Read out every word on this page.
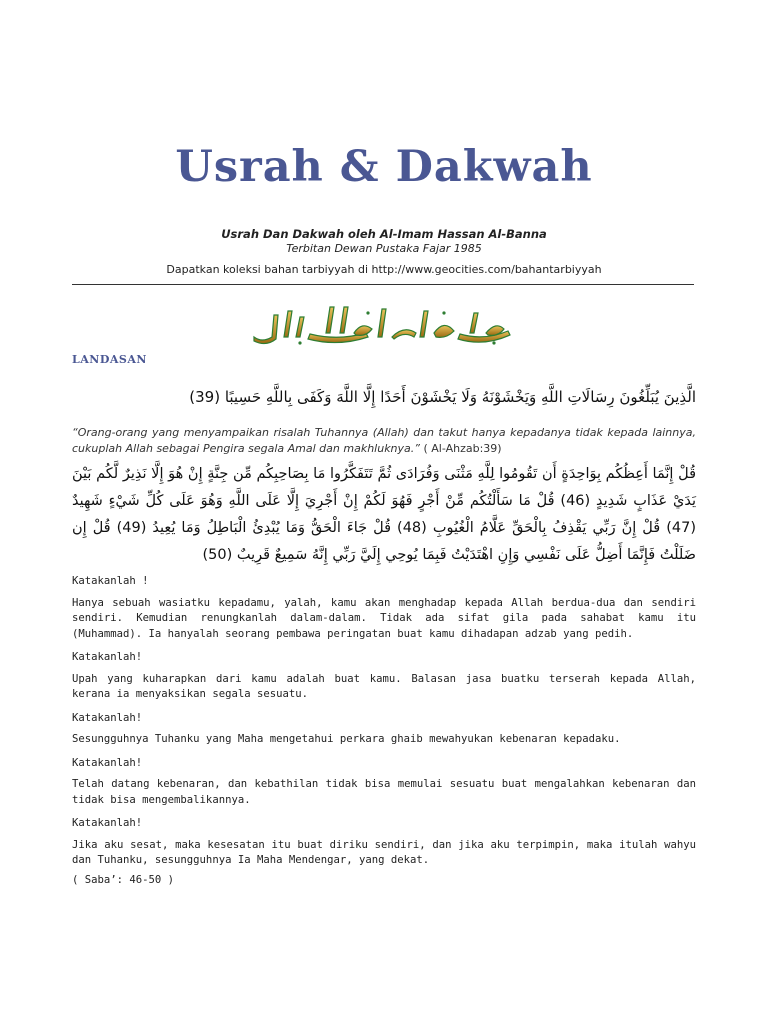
Usrah & Dakwah
Usrah Dan Dakwah oleh Al-Imam Hassan Al-Banna
Terbitan Dewan Pustaka Fajar 1985
Dapatkan koleksi bahan tarbiyyah di http://www.geocities.com/bahantarbiyyah
LANDASAN
الَّذِينَ يُبَلِّغُونَ رِسَالَاتِ اللَّهِ وَيَخْشَوْنَهُ وَلَا يَخْشَوْنَ أَحَدًا إِلَّا اللَّهَ وَكَفَى بِاللَّهِ حَسِيبًا (39)
“Orang-orang yang menyampaikan risalah Tuhannya (Allah) dan takut hanya kepadanya tidak kepada lainnya, cukuplah Allah sebagai Pengira segala Amal dan makhluknya.” ( Al-Ahzab:39)
قُلْ إِنَّمَا أَعِظُكُم بِوَاحِدَةٍ أَن تَقُومُوا لِلَّهِ مَثْنَى وَفُرَادَى ثُمَّ تَتَفَكَّرُوا مَا بِصَاحِبِكُم مِّن جِنَّةٍ إِنْ هُوَ إِلَّا نَذِيرٌ لَّكُم بَيْنَ يَدَيْ عَذَابٍ شَدِيدٍ (46) قُلْ مَا سَأَلْتُكُم مِّنْ أَجْرٍ فَهُوَ لَكُمْ إِنْ أَجْرِيَ إِلَّا عَلَى اللَّهِ وَهُوَ عَلَى كُلِّ شَيْءٍ شَهِيدٌ (47) قُلْ إِنَّ رَبِّي يَقْذِفُ بِالْحَقِّ عَلَّامُ الْغُيُوبِ (48) قُلْ جَاءَ الْحَقُّ وَمَا يُبْدِئُ الْبَاطِلُ وَمَا يُعِيدُ (49) قُلْ إِن ضَلَلْتُ فَإِنَّمَا أَضِلُّ عَلَى نَفْسِي وَإِنِ اهْتَدَيْتُ فَبِمَا يُوحِي إِلَيَّ رَبِّي إِنَّهُ سَمِيعٌ قَرِيبٌ (50)

Katakanlah !

Hanya sebuah wasiatku kepadamu, yalah, kamu akan menghadap kepada Allah berdua-dua dan sendiri sendiri. Kemudian renungkanlah dalam-dalam. Tidak ada sifat gila pada sahabat kamu itu (Muhammad). Ia hanyalah seorang pembawa peringatan buat kamu dihadapan adzab yang pedih.

Katakanlah!

Upah yang kuharapkan dari kamu adalah buat kamu. Balasan jasa buatku terserah kepada Allah, kerana ia menyaksikan segala sesuatu.

Katakanlah!

Sesungguhnya Tuhanku yang Maha mengetahui perkara ghaib mewahyukan kebenaran kepadaku.

Katakanlah!

Telah datang kebenaran, dan kebathilan tidak bisa memulai sesuatu buat mengalahkan kebenaran dan tidak bisa mengembalikannya.

Katakanlah!

Jika aku sesat, maka kesesatan itu buat diriku sendiri, dan jika aku terpimpin, maka itulah wahyu dan Tuhanku, sesungguhnya Ia Maha Mendengar, yang dekat.

( Saba’: 46-50 )
